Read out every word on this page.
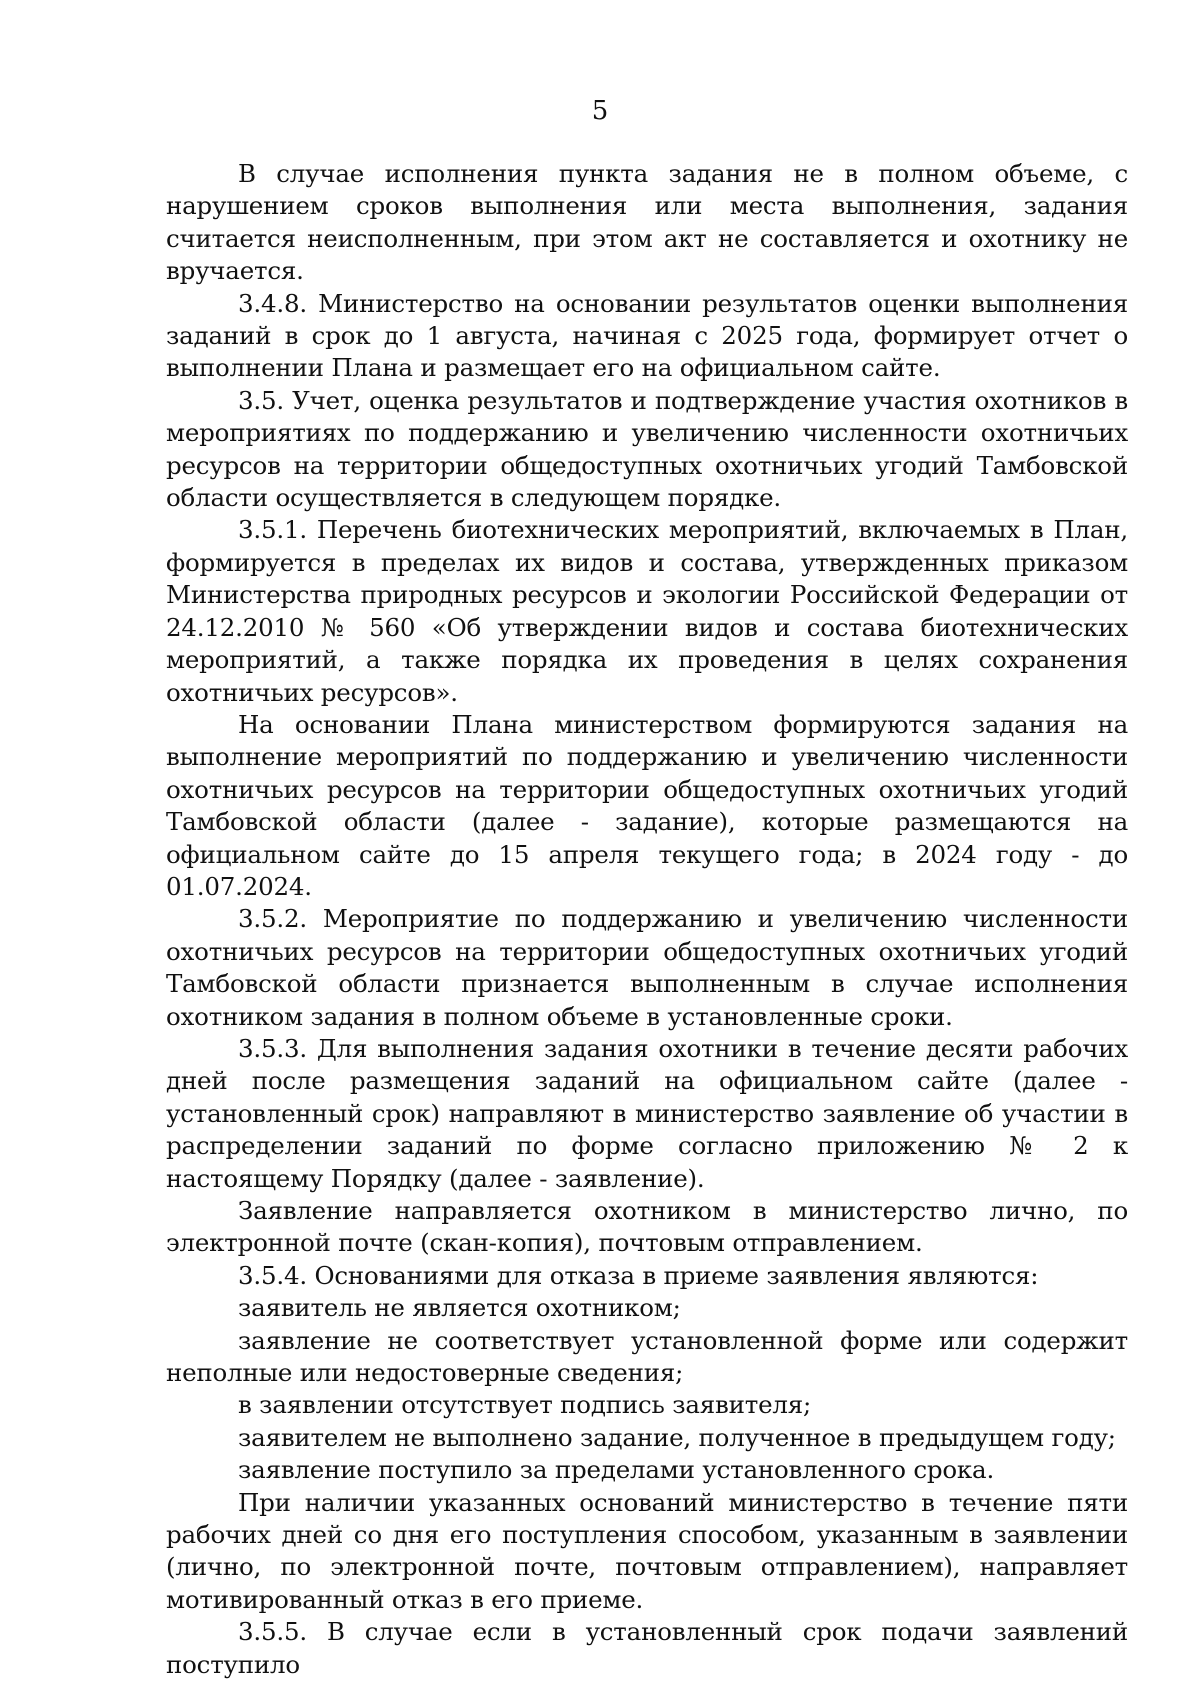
5

В случае исполнения пункта задания не в полном объеме, с нарушением сроков выполнения или места выполнения, задания считается неисполненным, при этом акт не составляется и охотнику не вручается.

3.4.8. Министерство на основании результатов оценки выполнения заданий в срок до 1 августа, начиная с 2025 года, формирует отчет о выполнении Плана и размещает его на официальном сайте.

3.5. Учет, оценка результатов и подтверждение участия охотников в мероприятиях по поддержанию и увеличению численности охотничьих ресурсов на территории общедоступных охотничьих угодий Тамбовской области осуществляется в следующем порядке.

3.5.1. Перечень биотехнических мероприятий, включаемых в План, формируется в пределах их видов и состава, утвержденных приказом Министерства природных ресурсов и экологии Российской Федерации от 24.12.2010 № 560 «Об утверждении видов и состава биотехнических мероприятий, а также порядка их проведения в целях сохранения охотничьих ресурсов».

На основании Плана министерством формируются задания на выполнение мероприятий по поддержанию и увеличению численности охотничьих ресурсов на территории общедоступных охотничьих угодий Тамбовской области (далее - задание), которые размещаются на официальном сайте до 15 апреля текущего года; в 2024 году - до 01.07.2024.

3.5.2. Мероприятие по поддержанию и увеличению численности охотничьих ресурсов на территории общедоступных охотничьих угодий Тамбовской области признается выполненным в случае исполнения охотником задания в полном объеме в установленные сроки.

3.5.3. Для выполнения задания охотники в течение десяти рабочих дней после размещения заданий на официальном сайте (далее - установленный срок) направляют в министерство заявление об участии в распределении заданий по форме согласно приложению № 2 к настоящему Порядку (далее - заявление).

Заявление направляется охотником в министерство лично, по электронной почте (скан-копия), почтовым отправлением.

3.5.4. Основаниями для отказа в приеме заявления являются:

заявитель не является охотником;

заявление не соответствует установленной форме или содержит неполные или недостоверные сведения;

в заявлении отсутствует подпись заявителя;

заявителем не выполнено задание, полученное в предыдущем году;

заявление поступило за пределами установленного срока.

При наличии указанных оснований министерство в течение пяти рабочих дней со дня его поступления способом, указанным в заявлении (лично, по электронной почте, почтовым отправлением), направляет мотивированный отказ в его приеме.

3.5.5. В случае если в установленный срок подачи заявлений поступило
